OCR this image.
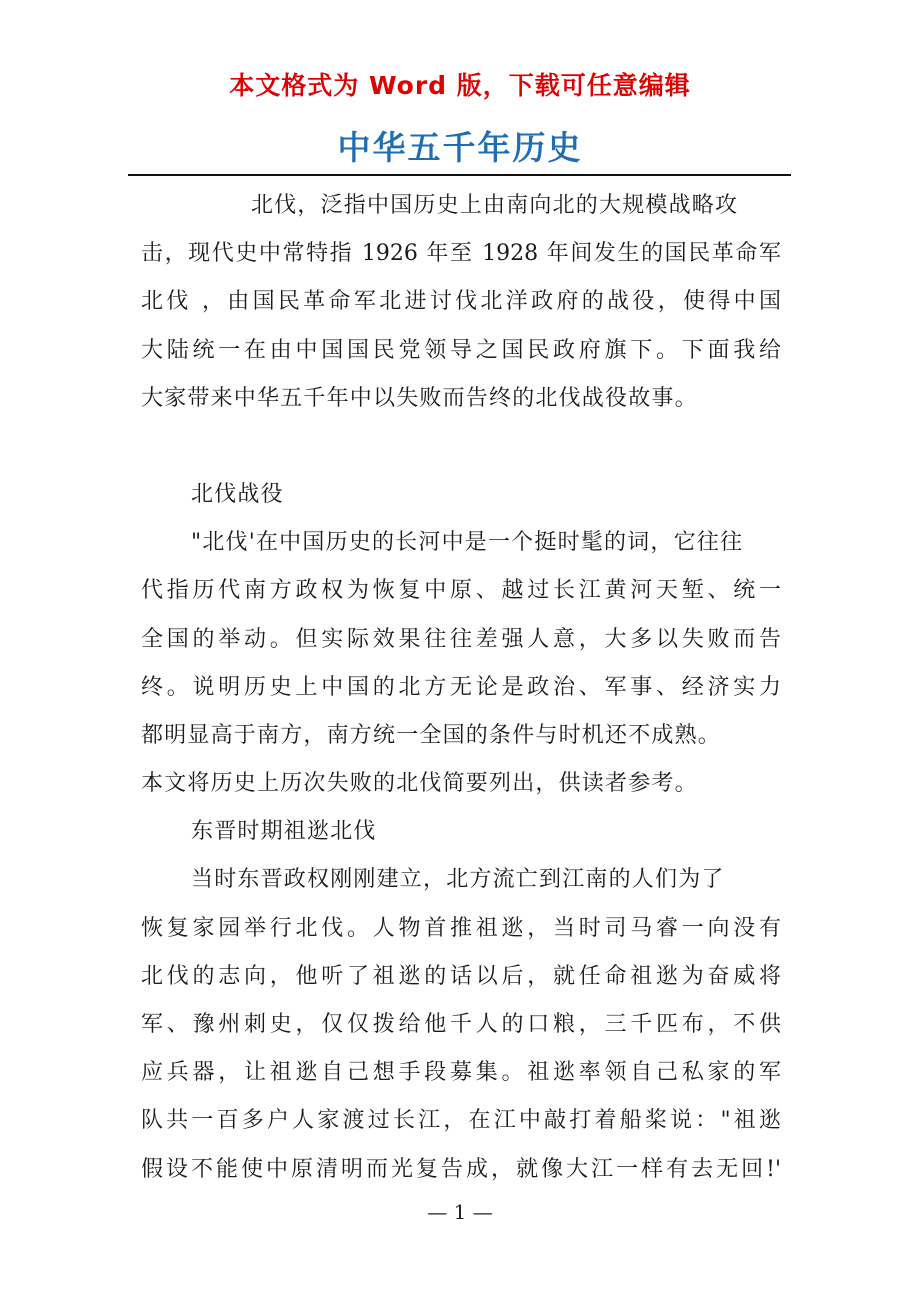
本文格式为 Word 版，下载可任意编辑
中华五千年历史
北伐，泛指中国历史上由南向北的大规模战略攻
击，现代史中常特指 1926 年至 1928 年间发生的国民革命军
北伐 ，由国民革命军北进讨伐北洋政府的战役，使得中国
大陆统一在由中国国民党领导之国民政府旗下。下面我给
大家带来中华五千年中以失败而告终的北伐战役故事。
北伐战役
"北伐'在中国历史的长河中是一个挺时髦的词，它往往
代指历代南方政权为恢复中原、越过长江黄河天堑、统一
全国的举动。但实际效果往往差强人意，大多以失败而告
终。说明历史上中国的北方无论是政治、军事、经济实力
都明显高于南方，南方统一全国的条件与时机还不成熟。
本文将历史上历次失败的北伐简要列出，供读者参考。
东晋时期祖逖北伐
当时东晋政权刚刚建立，北方流亡到江南的人们为了
恢复家园举行北伐。人物首推祖逖，当时司马睿一向没有
北伐的志向，他听了祖逖的话以后，就任命祖逖为奋威将
军、豫州刺史，仅仅拨给他千人的口粮，三千匹布，不供
应兵器，让祖逖自己想手段募集。祖逖率领自己私家的军
队共一百多户人家渡过长江，在江中敲打着船桨说："祖逖
假设不能使中原清明而光复告成，就像大江一样有去无回!'
— 1 —
